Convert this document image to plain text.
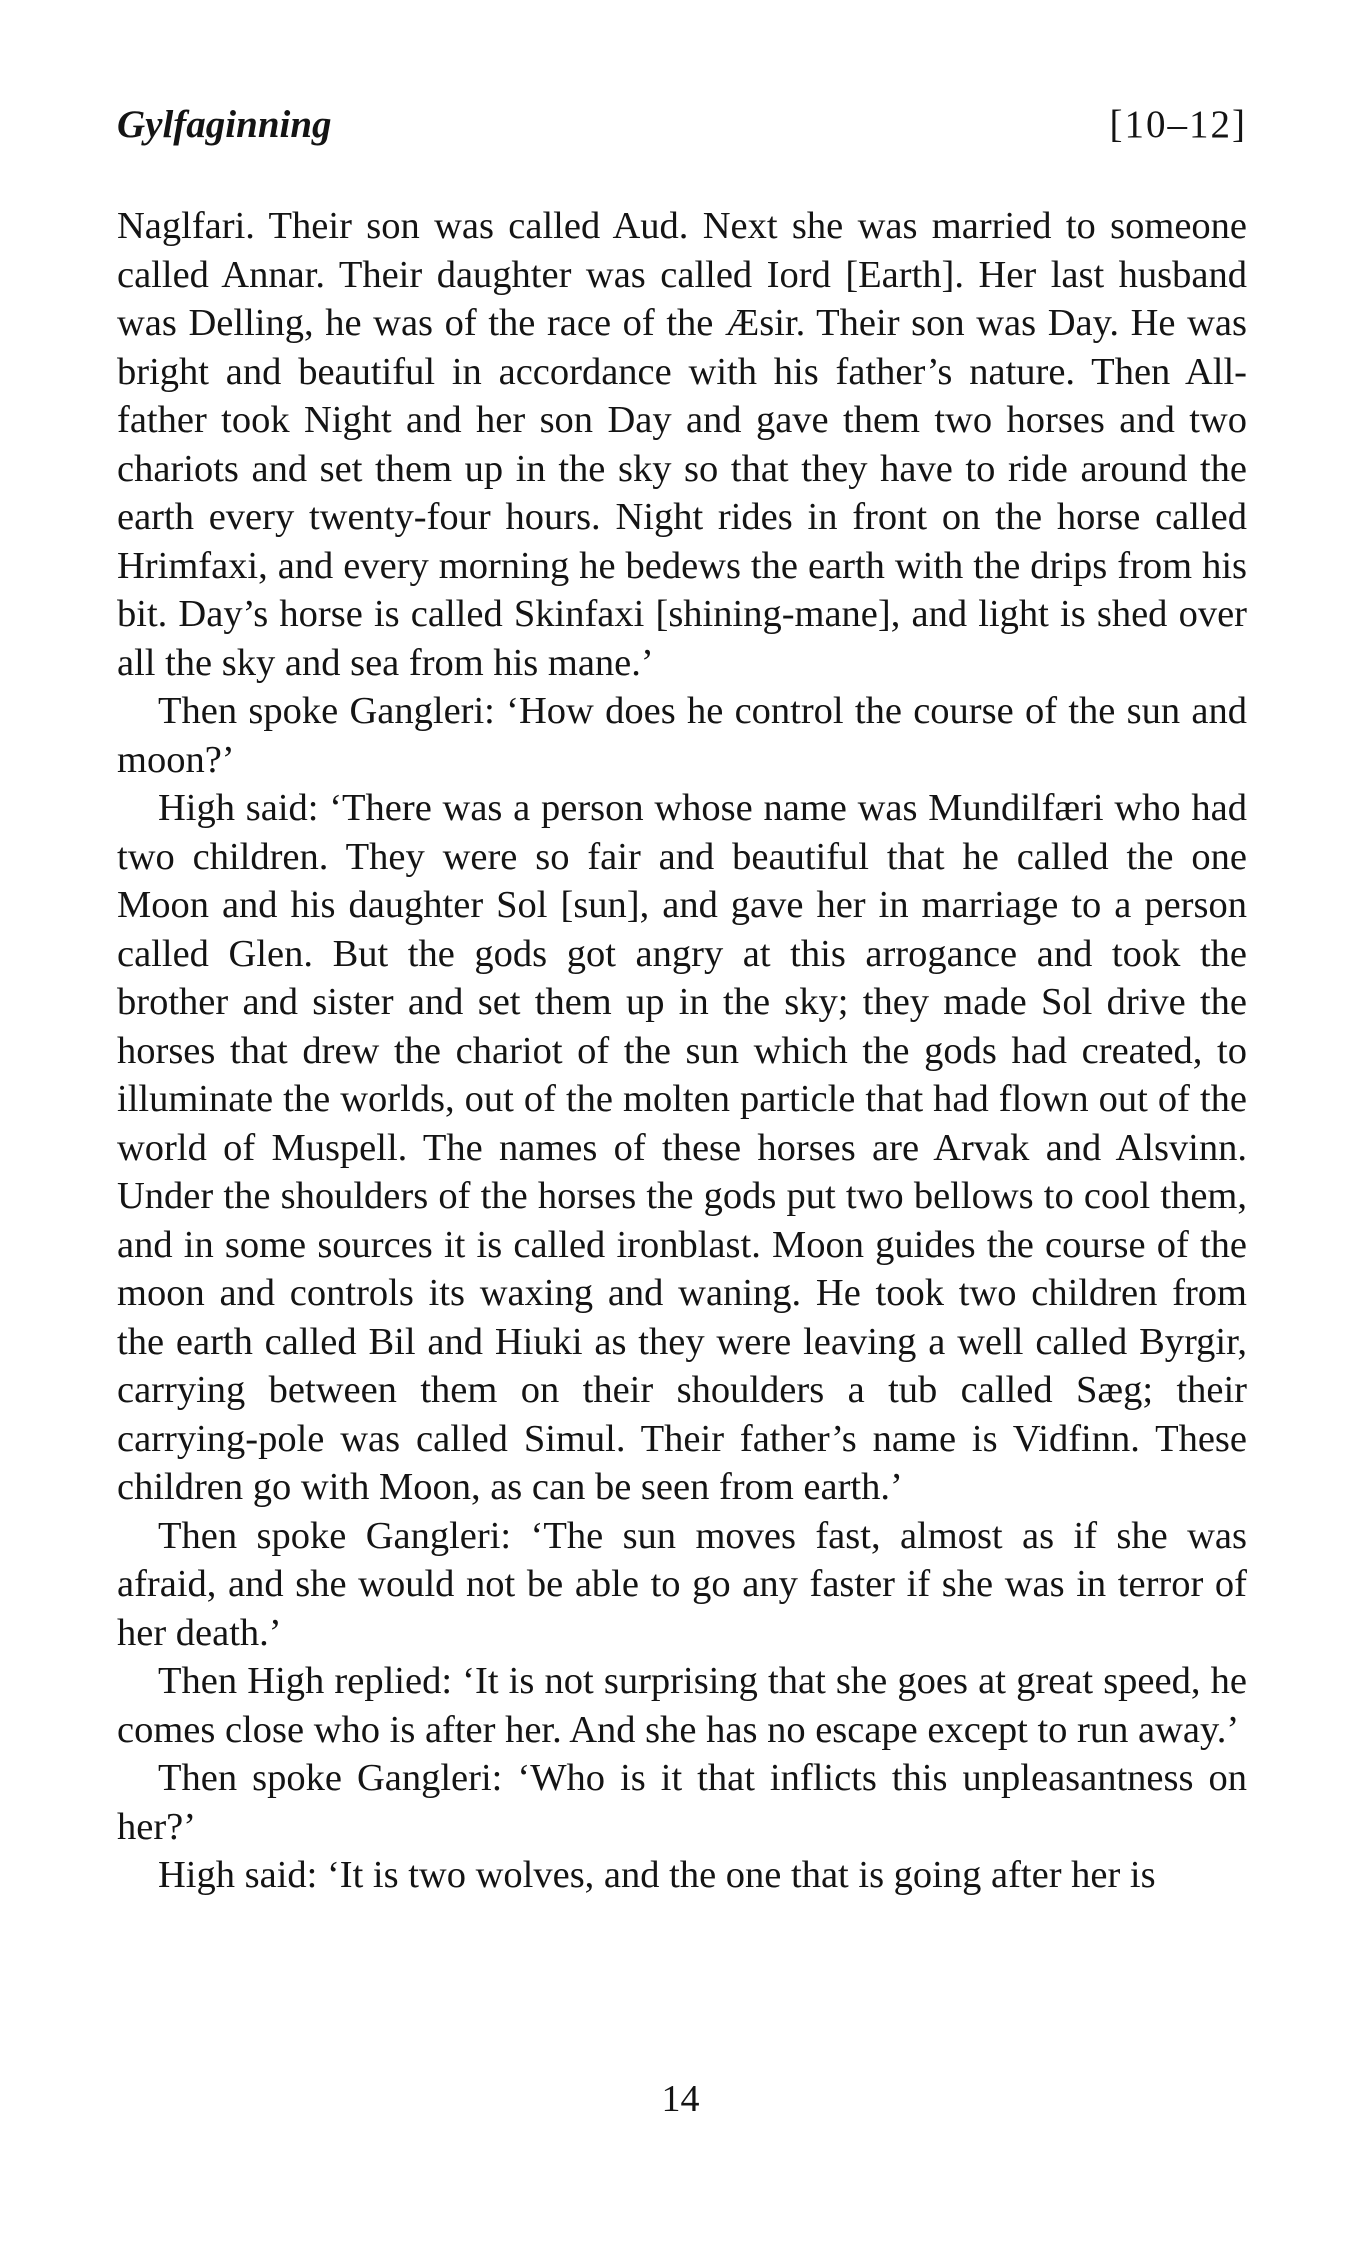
Gylfaginning	[10–12]

Naglfari. Their son was called Aud. Next she was married to someone called Annar. Their daughter was called Iord [Earth]. Her last husband was Delling, he was of the race of the Æsir. Their son was Day. He was bright and beautiful in accordance with his father’s nature. Then All-father took Night and her son Day and gave them two horses and two chariots and set them up in the sky so that they have to ride around the earth every twenty-four hours. Night rides in front on the horse called Hrimfaxi, and every morning he bedews the earth with the drips from his bit. Day’s horse is called Skinfaxi [shining-mane], and light is shed over all the sky and sea from his mane.’

Then spoke Gangleri: ‘How does he control the course of the sun and moon?’

High said: ‘There was a person whose name was Mundilfæri who had two children. They were so fair and beautiful that he called the one Moon and his daughter Sol [sun], and gave her in marriage to a person called Glen. But the gods got angry at this arrogance and took the brother and sister and set them up in the sky; they made Sol drive the horses that drew the chariot of the sun which the gods had created, to illuminate the worlds, out of the molten particle that had flown out of the world of Muspell. The names of these horses are Arvak and Alsvinn. Under the shoulders of the horses the gods put two bellows to cool them, and in some sources it is called ironblast. Moon guides the course of the moon and controls its waxing and waning. He took two children from the earth called Bil and Hiuki as they were leaving a well called Byrgir, carrying between them on their shoulders a tub called Sæg; their carrying-pole was called Simul. Their father’s name is Vidfinn. These children go with Moon, as can be seen from earth.’

Then spoke Gangleri: ‘The sun moves fast, almost as if she was afraid, and she would not be able to go any faster if she was in terror of her death.’

Then High replied: ‘It is not surprising that she goes at great speed, he comes close who is after her. And she has no escape except to run away.’

Then spoke Gangleri: ‘Who is it that inflicts this unpleasantness on her?’

High said: ‘It is two wolves, and the one that is going after her is

14
